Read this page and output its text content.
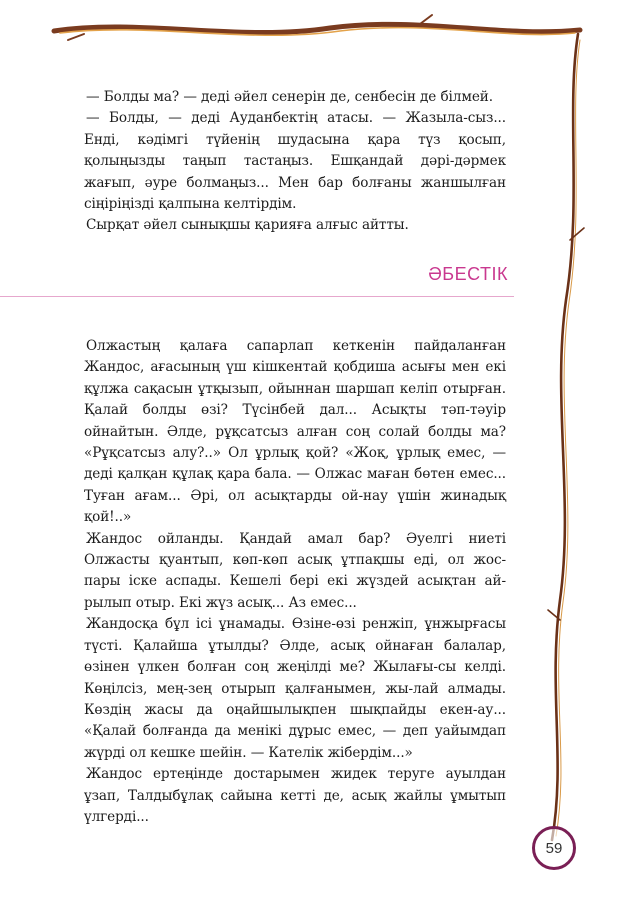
— Болды ма? — деді әйел сенерін де, сенбесін де білмей.

— Болды, — деді Ауданбектің атасы. — Жазыла-сыз... Енді, кәдімгі түйенің шудасына қара түз қосып, қолыңызды таңып тастаңыз. Ешқандай дәрі-дәрмек жағып, әуре болмаңыз... Мен бар болғаны жаншылған сіңіріңізді қалпына келтірдім.

Сырқат әйел сынықшы қарияға алғыс айтты.

ӘБЕСТІК

Олжастың қалаға сапарлап кеткенін пайдаланған Жандос, ағасының үш кішкентай қобдиша асығы мен екі құлжа сақасын ұтқызып, ойыннан шаршап келіп отырған. Қалай болды өзі? Түсінбей дал... Асықты тәп-тәуір ойнайтын. Әлде, рұқсатсыз алған соң солай болды ма? «Рұқсатсыз алу?..» Ол ұрлық қой? «Жоқ, ұрлық емес, — деді қалқан құлақ қара бала. — Олжас маған бөтен емес... Туған ағам... Әрі, ол асықтарды ой-нау үшін жинадық қой!..»

Жандос ойланды. Қандай амал бар? Әуелгі ниеті Олжасты қуантып, көп-көп асық ұтпақшы еді, ол жос-пары іске аспады. Кешелі бері екі жүздей асықтан ай-рылып отыр. Екі жүз асық... Аз емес...

Жандосқа бұл ісі ұнамады. Өзіне-өзі ренжіп, ұнжырғасы түсті. Қалайша ұтылды? Әлде, асық ойнаған балалар, өзінен үлкен болған соң жеңілді ме? Жылағы-сы келді. Көңілсіз, мең-зең отырып қалғанымен, жы-лай алмады. Көздің жасы да оңайшылықпен шықпайды екен-ау... «Қалай болғанда да менікі дұрыс емес, — деп уайымдап жүрді ол кешке шейін. — Кателік жібердім...»

Жандос ертеңінде достарымен жидек теруге ауылдан ұзап, Талдыбұлақ сайына кетті де, асық жайлы ұмытып үлгерді...

59
